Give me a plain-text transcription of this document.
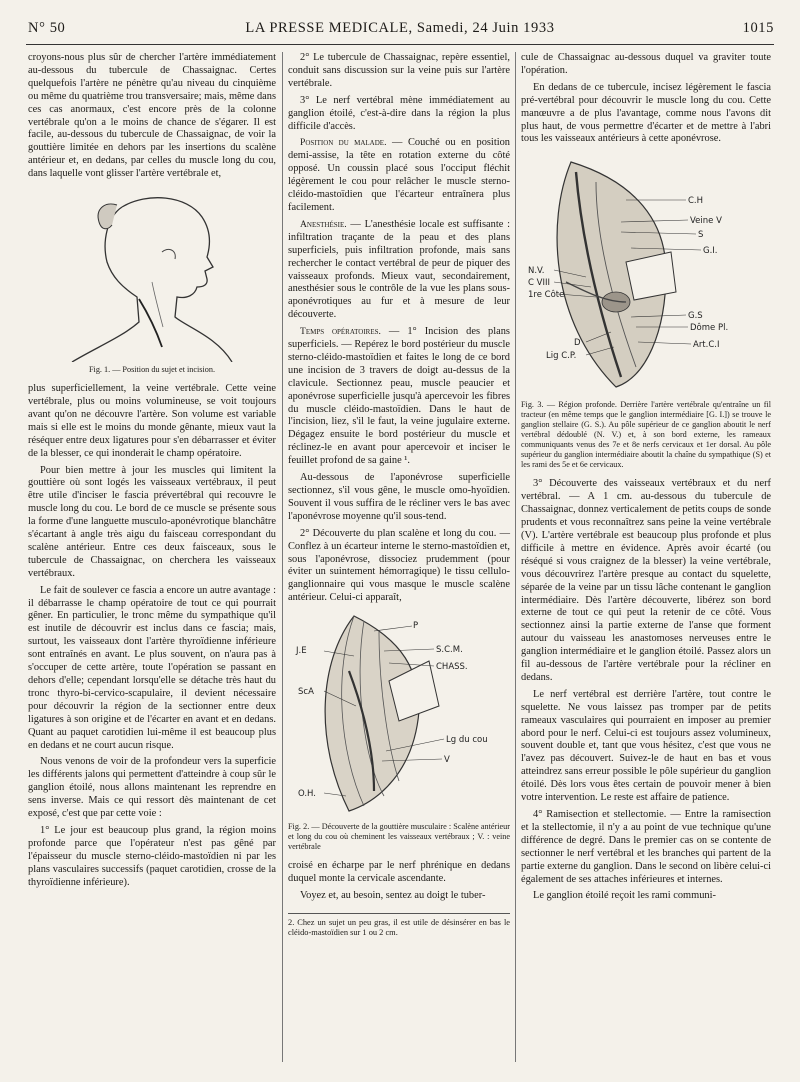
N° 50	LA PRESSE MEDICALE, Samedi, 24 Juin 1933	1015

croyons-nous plus sûr de chercher l'artère immédiatement au-dessous du tubercule de Chassaignac. Certes quelquefois l'artère ne pénètre qu'au niveau du cinquième ou même du quatrième trou transversaire; mais, même dans ces cas anormaux, c'est encore près de la colonne vertébrale qu'on a le moins de chance de s'égarer. Il est facile, au-dessous du tubercule de Chassaignac, de voir la gouttière limitée en dehors par les insertions du scalène antérieur et, en dedans, par celles du muscle long du cou, dans laquelle vont glisser l'artère vertébrale et,

Fig. 1. — Position du sujet et incision.

plus superficiellement, la veine vertébrale. Cette veine vertébrale, plus ou moins volumineuse, se voit toujours avant qu'on ne découvre l'artère. Son volume est variable mais si elle est le moins du monde gênante, mieux vaut la réséquer entre deux ligatures pour s'en débarrasser et éviter de la blesser, ce qui inonderait le champ opératoire.

Pour bien mettre à jour les muscles qui limitent la gouttière où sont logés les vaisseaux vertébraux, il peut être utile d'inciser le fascia prévertébral qui recouvre le muscle long du cou. Le bord de ce muscle se présente sous la forme d'une languette musculo-aponévrotique blanchâtre s'écartant à angle très aigu du faisceau correspondant du scalène antérieur. Entre ces deux faisceaux, sous le tubercule de Chassaignac, on cherchera les vaisseaux vertébraux.

Le fait de soulever ce fascia a encore un autre avantage : il débarrasse le champ opératoire de tout ce qui pourrait gêner. En particulier, le tronc même du sympathique qu'il est inutile de découvrir est inclus dans ce fascia; mais, surtout, les vaisseaux dont l'artère thyroïdienne inférieure sont entraînés en avant. Le plus souvent, on n'aura pas à s'occuper de cette artère, toute l'opération se passant en dehors d'elle; cependant lorsqu'elle se détache très haut du tronc thyro-bi-cervico-scapulaire, il devient nécessaire pour découvrir la région de la sectionner entre deux ligatures à son origine et de l'écarter en avant et en dedans. Quant au paquet carotidien lui-même il est beaucoup plus en dedans et ne court aucun risque.

Nous venons de voir de la profondeur vers la superficie les différents jalons qui permettent d'atteindre à coup sûr le ganglion étoilé, nous allons maintenant les reprendre en sens inverse. Mais ce qui ressort dès maintenant de cet exposé, c'est que par cette voie :

1° Le jour est beaucoup plus grand, la région moins profonde parce que l'opérateur n'est pas gêné par l'épaisseur du muscle sterno-cléido-mastoïdien ni par les plans vasculaires successifs (paquet carotidien, crosse de la thyroïdienne inférieure).

2° Le tubercule de Chassaignac, repère essentiel, conduit sans discussion sur la veine puis sur l'artère vertébrale.

3° Le nerf vertébral mène immédiatement au ganglion étoilé, c'est-à-dire dans la région la plus difficile d'accès.

Position du malade. — Couché ou en position demi-assise, la tête en rotation externe du côté opposé. Un coussin placé sous l'occiput fléchit légèrement le cou pour relâcher le muscle sterno-cléido-mastoïdien que l'écarteur entraînera plus facilement.

Anesthésie. — L'anesthésie locale est suffisante : infiltration traçante de la peau et des plans superficiels, puis infiltration profonde, mais sans rechercher le contact vertébral de peur de piquer des vaisseaux profonds. Mieux vaut, secondairement, anesthésier sous le contrôle de la vue les plans sous-aponévrotiques au fur et à mesure de leur découverte.

Temps opératoires. — 1° Incision des plans superficiels. — Repérez le bord postérieur du muscle sterno-cléido-mastoïdien et faites le long de ce bord une incision de 3 travers de doigt au-dessus de la clavicule. Sectionnez peau, muscle peaucier et aponévrose superficielle jusqu'à apercevoir les fibres du muscle cléido-mastoïdien. Dans le haut de l'incision, liez, s'il le faut, la veine jugulaire externe. Dégagez ensuite le bord postérieur du muscle et réclinez-le en avant pour apercevoir et inciser le feuillet profond de sa gaine ¹.

Au-dessous de l'aponévrose superficielle sectionnez, s'il vous gêne, le muscle omo-hyoïdien. Souvent il vous suffira de le récliner vers le bas avec l'aponévrose moyenne qu'il sous-tend.

2° Découverte du plan scalène et long du cou. — Conflez à un écarteur interne le sterno-mastoïdien et, sous l'aponévrose, dissociez prudemment (pour éviter un suintement hémorragique) le tissu cellulo-ganglionnaire qui vous masque le muscle scalène antérieur. Celui-ci apparaît,

P
J.E	S.C.M.
CHASS.
ScA
Lg du cou
V
O.H.
Fig. 2. — Découverte de la gouttière musculaire : Scalène antérieur et long du cou où cheminent les vaisseaux vertébraux ; V. : veine vertébrale

croisé en écharpe par le nerf phrénique en dedans duquel monte la cervicale ascendante.

Voyez et, au besoin, sentez au doigt le tuber-

2. Chez un sujet un peu gras, il est utile de désinsérer en bas le cléido-mastoïdien sur 1 ou 2 cm.

cule de Chassaignac au-dessous duquel va graviter toute l'opération.

En dedans de ce tubercule, incisez légèrement le fascia pré-vertébral pour découvrir le muscle long du cou. Cette manœuvre a de plus l'avantage, comme nous l'avons dit plus haut, de vous permettre d'écarter et de mettre à l'abri tous les vaisseaux antérieurs à cette aponévrose.

C.H
Veine V
S
G.I.
N.V.
C VIII
1re Côte
G.S
Dôme Pl.
D
Lig C.P.
Art.C.I
Fig. 3. — Région profonde. Derrière l'artère vertébrale qu'entraîne un fil tracteur (en même temps que le ganglion intermédiaire [G. I.]) se trouve le ganglion stellaire (G. S.). Au pôle supérieur de ce ganglion aboutit le nerf vertébral dédoublé (N. V.) et, à son bord externe, les rameaux communiquants venus des 7e et 8e nerfs cervicaux et 1er dorsal. Au pôle supérieur du ganglion intermédiaire aboutit la chaîne du sympathique (S) et les rami des 5e et 6e cervicaux.

3° Découverte des vaisseaux vertébraux et du nerf vertébral. — A 1 cm. au-dessous du tubercule de Chassaignac, donnez verticalement de petits coups de sonde prudents et vous reconnaîtrez sans peine la veine vertébrale (V). L'artère vertébrale est beaucoup plus profonde et plus difficile à mettre en évidence. Après avoir écarté (ou réséqué si vous craignez de la blesser) la veine vertébrale, vous découvrirez l'artère presque au contact du squelette, séparée de la veine par un tissu lâche contenant le ganglion intermédiaire. Dès l'artère découverte, libérez son bord externe de tout ce qui peut la retenir de ce côté. Vous sectionnez ainsi la partie externe de l'anse que forment autour du vaisseau les anastomoses nerveuses entre le ganglion intermédiaire et le ganglion étoilé. Passez alors un fil au-dessous de l'artère vertébrale pour la récliner en dedans.

Le nerf vertébral est derrière l'artère, tout contre le squelette. Ne vous laissez pas tromper par de petits rameaux vasculaires qui pourraient en imposer au premier abord pour le nerf. Celui-ci est toujours assez volumineux, souvent double et, tant que vous hésitez, c'est que vous ne l'avez pas découvert. Suivez-le de haut en bas et vous atteindrez sans erreur possible le pôle supérieur du ganglion étoilé. Dès lors vous êtes certain de pouvoir mener à bien votre intervention. Le reste est affaire de patience.

4° Ramisection et stellectomie. — Entre la ramisection et la stellectomie, il n'y a au point de vue technique qu'une différence de degré. Dans le premier cas on se contente de sectionner le nerf vertébral et les branches qui partent de la partie externe du ganglion. Dans le second on libère celui-ci également de ses attaches inférieures et internes.

Le ganglion étoilé reçoit les rami communi-
